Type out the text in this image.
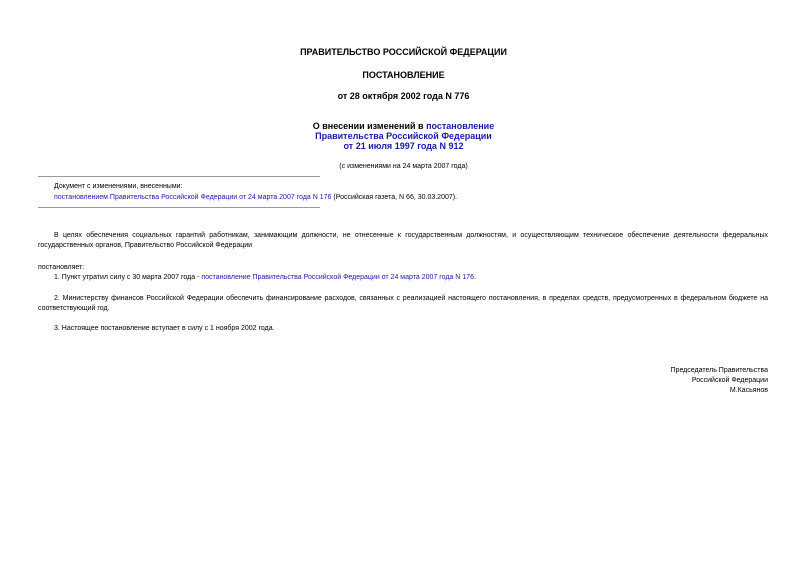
ПРАВИТЕЛЬСТВО РОССИЙСКОЙ ФЕДЕРАЦИИ
ПОСТАНОВЛЕНИЕ
от 28 октября 2002 года N 776
О внесении изменений в постановление
Правительства Российской Федерации
от 21 июля 1997 года N 912
(с изменениями на 24 марта 2007 года)
Документ с изменениями, внесенными:
постановлением Правительства Российской Федерации от 24 марта 2007 года N 176 (Российская газета, N 66, 30.03.2007).
В целях обеспечения социальных гарантий работникам, занимающим должности, не отнесенные к государственным должностям, и осуществляющим техническое обеспечение деятельности федеральных государственных органов, Правительство Российской Федерации
постановляет:
1. Пункт утратил силу с 30 марта 2007 года - постановление Правительства Российской Федерации от 24 марта 2007 года N 176.
2. Министерству финансов Российской Федерации обеспечить финансирование расходов, связанных с реализацией настоящего постановления, в пределах средств, предусмотренных в федеральном бюджете на соответствующий год.
3. Настоящее постановление вступает в силу с 1 ноября 2002 года.
Председатель Правительства
Российской Федерации
М.Касьянов
